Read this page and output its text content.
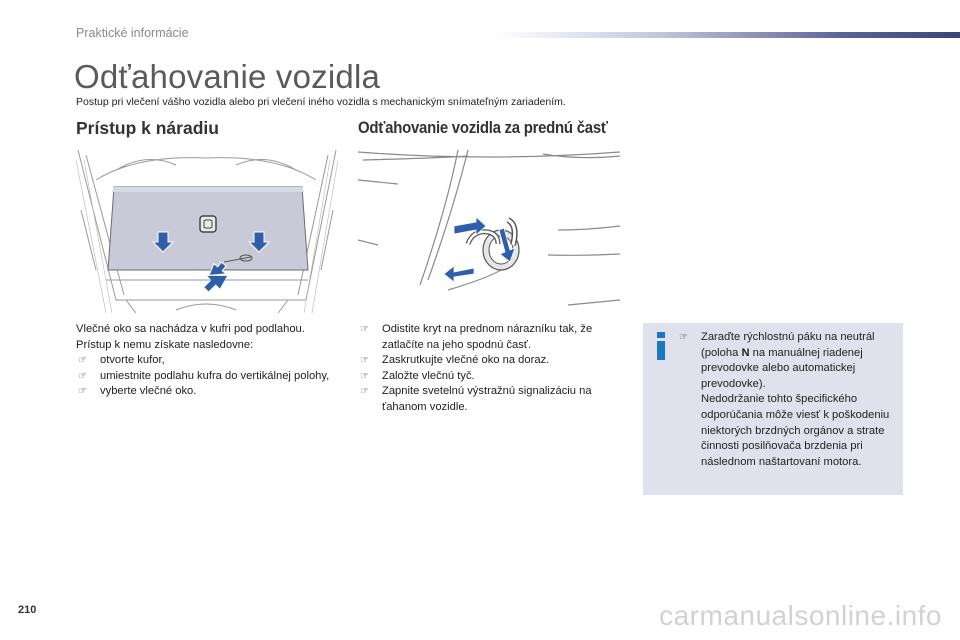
Praktické informácie
Odťahovanie vozidla
Postup pri vlečení vášho vozidla alebo pri vlečení iného vozidla s mechanickým snímateľným zariadením.
Prístup k náradiu	Odťahovanie vozidla za prednú časť

Vlečné oko sa nachádza v kufri pod podlahou.

Prístup k nemu získate nasledovne:

☞ otvorte kufor,
☞ umiestnite podlahu kufra do vertikálnej polohy,
☞ vyberte vlečné oko.
☞ Odistite kryt na prednom nárazníku tak, že zatlačíte na jeho spodnú časť.
☞ Zaskrutkujte vlečné oko na doraz.
☞ Založte vlečnú tyč.
☞ Zapnite svetelnú výstražnú signalizáciu na ťahanom vozidle.
☞	Zaraďte rýchlostnú páku na neutrál (poloha N na manuálnej riadenej prevodovke alebo automatickej prevodovke).
Nedodržanie tohto špecifického odporúčania môže viesť k poškodeniu niektorých brzdných orgánov a strate činnosti posilňovača brzdenia pri následnom naštartovaní motora.
210	carmanualsonline.info
